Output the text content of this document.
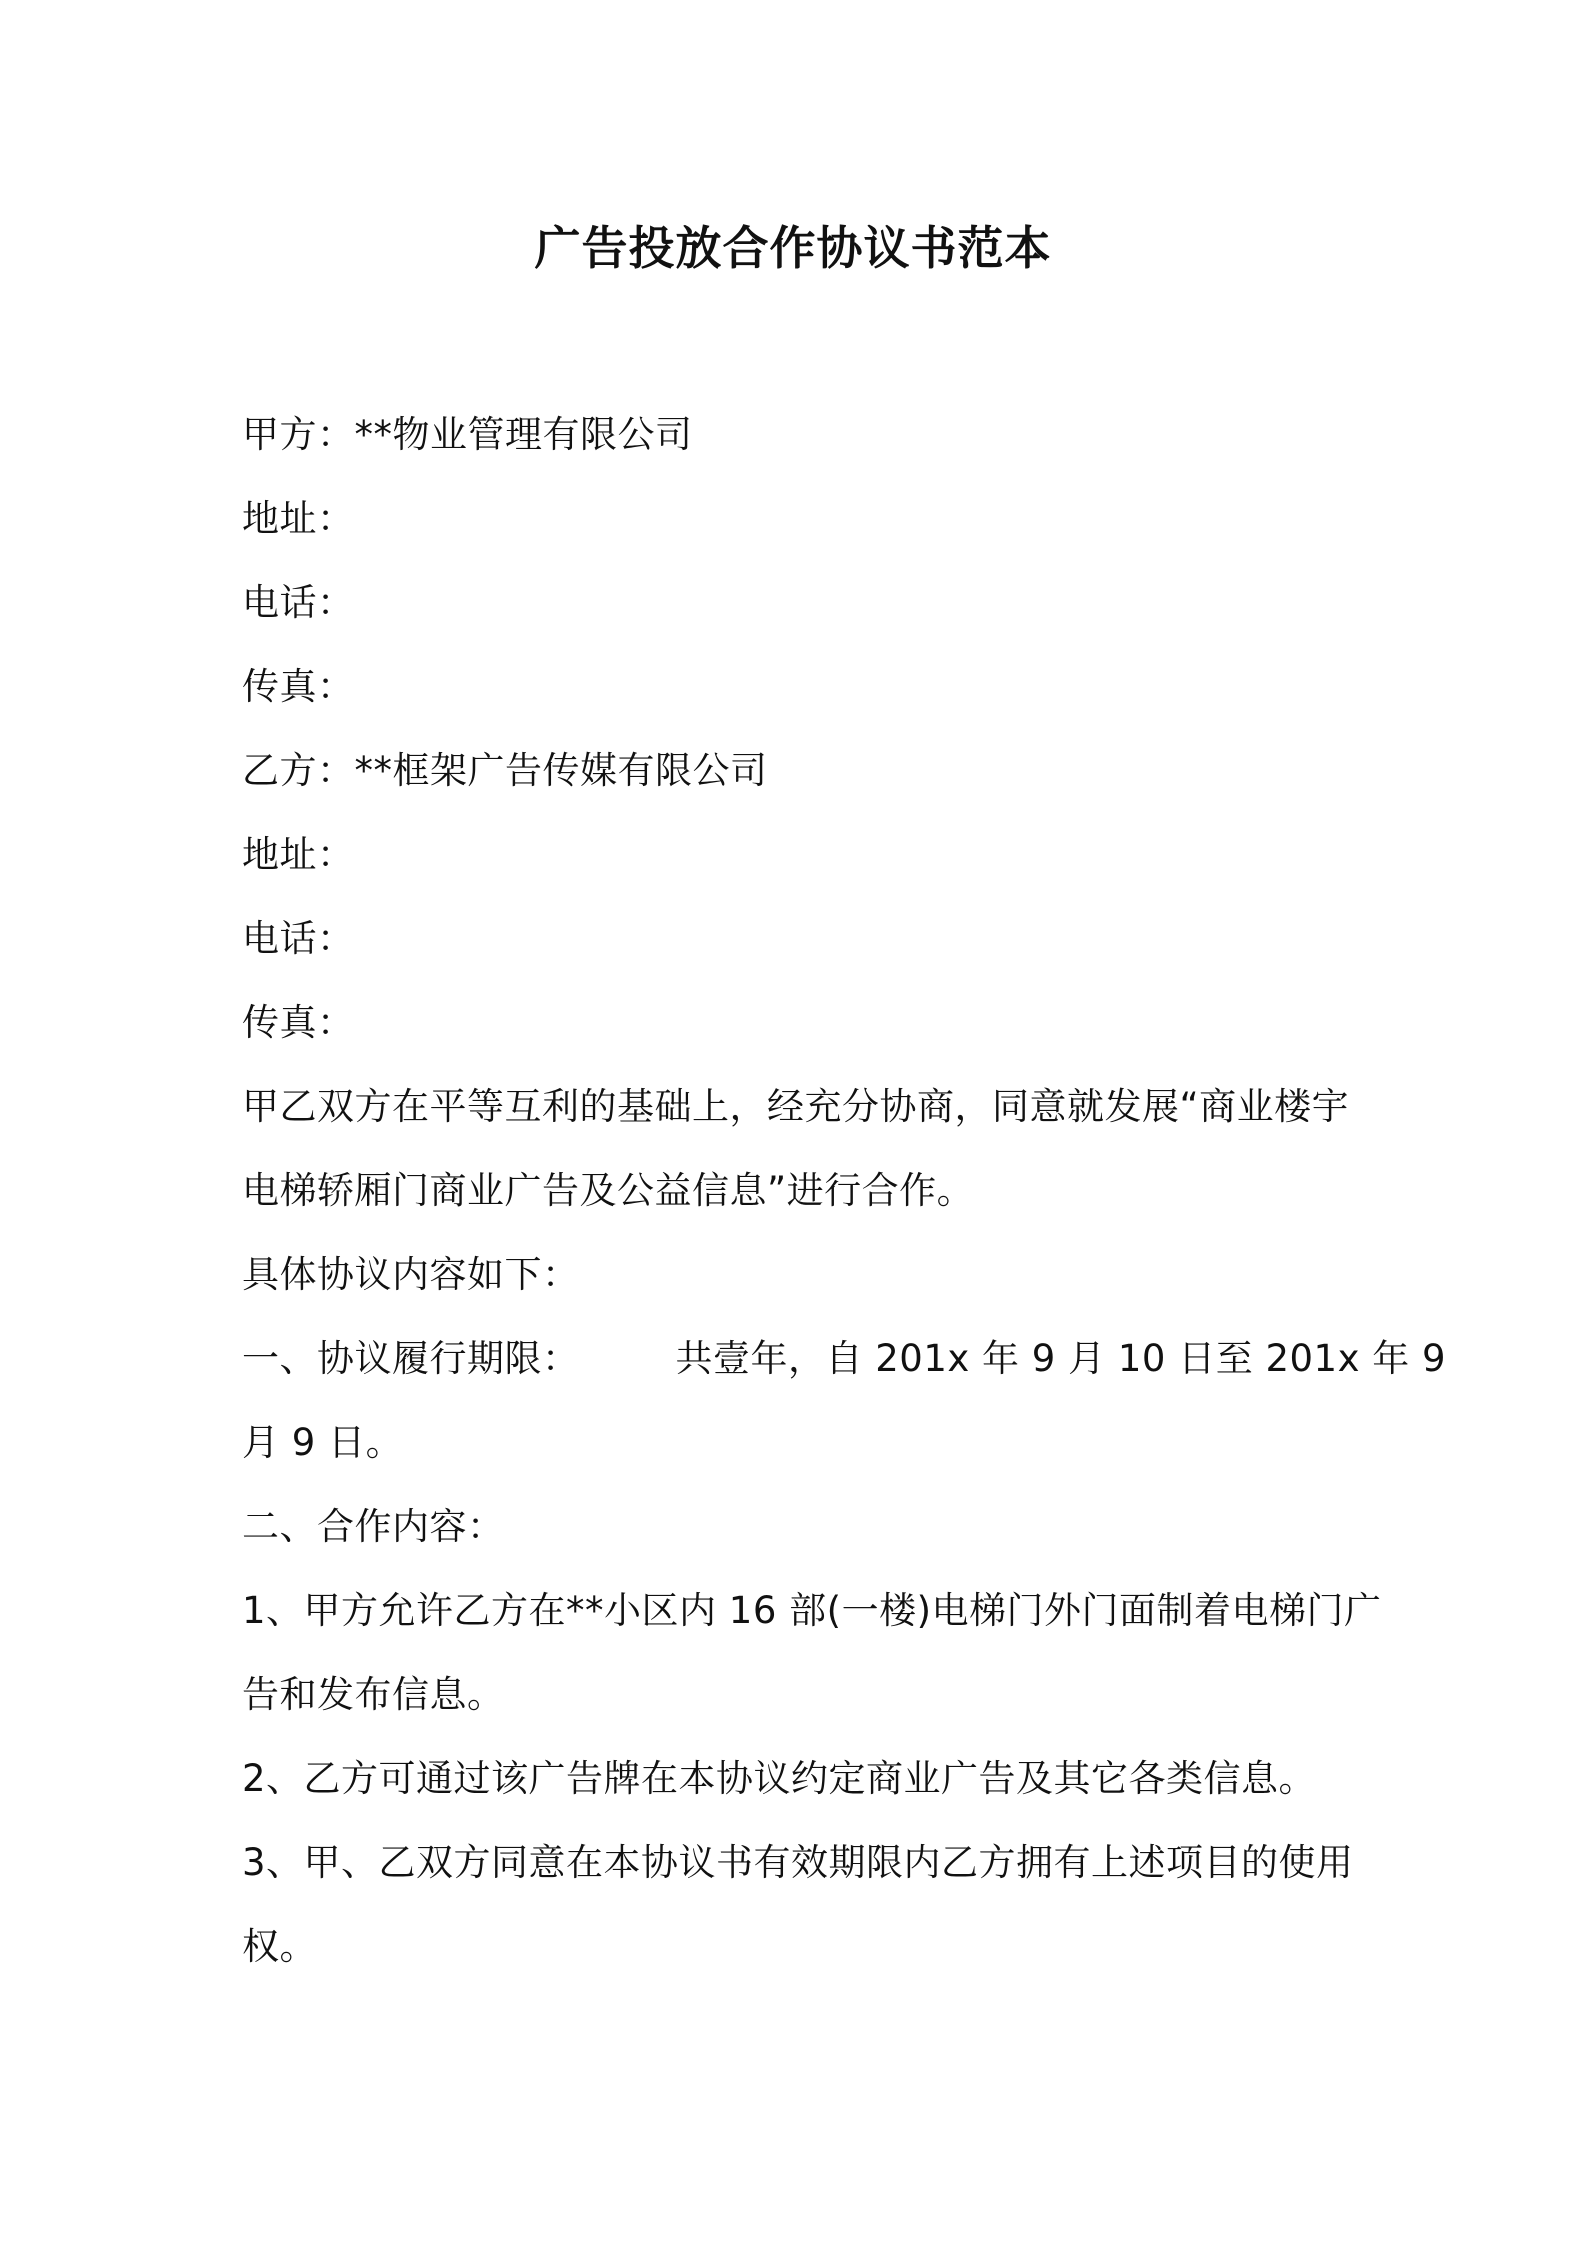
广告投放合作协议书范本
甲方：**物业管理有限公司
地址：
电话：
传真：
乙方：**框架广告传媒有限公司
地址：
电话：
传真：
甲乙双方在平等互利的基础上，经充分协商，同意就发展“商业楼宇
电梯轿厢门商业广告及公益信息”进行合作。
具体协议内容如下：
一、协议履行期限：	共壹年，自 201x 年 9 月 10 日至 201x 年 9
月 9 日。
二、合作内容：
1、甲方允许乙方在**小区内 16 部(一楼)电梯门外门面制着电梯门广
告和发布信息。
2、乙方可通过该广告牌在本协议约定商业广告及其它各类信息。
3、甲、乙双方同意在本协议书有效期限内乙方拥有上述项目的使用
权。
